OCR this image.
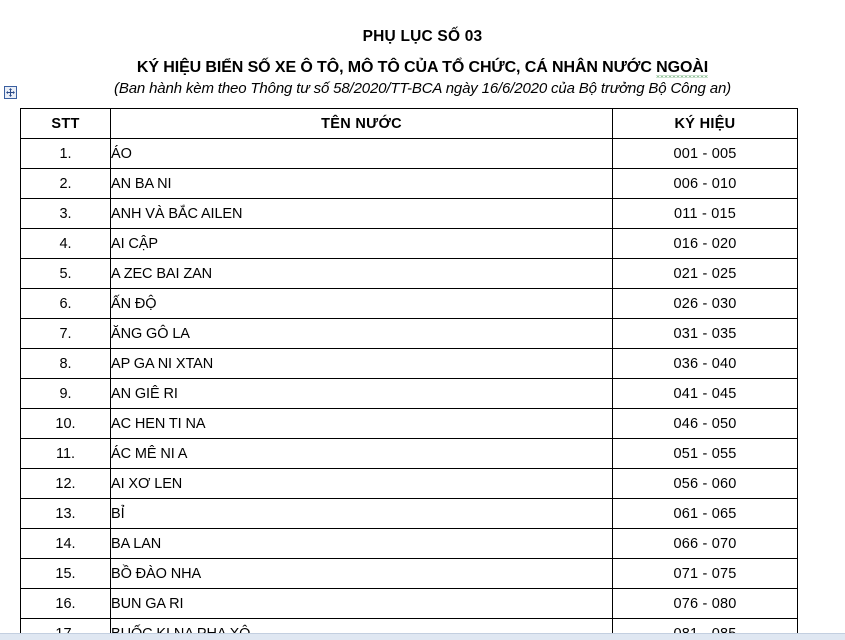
PHỤ LỤC SỐ 03
KÝ HIỆU BIỂN SỐ XE Ô TÔ, MÔ TÔ CỦA TỔ CHỨC, CÁ NHÂN NƯỚC NGOÀI
(Ban hành kèm theo Thông tư số 58/2020/TT-BCA ngày 16/6/2020 của Bộ trưởng Bộ Công an)
STT	TÊN NƯỚC	KÝ HIỆU
1.	ÁO	001 - 005
2.	AN BA NI	006 - 010
3.	ANH VÀ BẮC AILEN	011 - 015
4.	AI CẬP	016 - 020
5.	A ZEC BAI ZAN	021 - 025
6.	ẤN ĐỘ	026 - 030
7.	ĂNG GÔ LA	031 - 035
8.	AP GA NI XTAN	036 - 040
9.	AN GIÊ RI	041 - 045
10.	AC HEN TI NA	046 - 050
11.	ÁC MÊ NI A	051 - 055
12.	AI XƠ LEN	056 - 060
13.	BỈ	061 - 065
14.	BA LAN	066 - 070
15.	BỒ ĐÀO NHA	071 - 075
16.	BUN GA RI	076 - 080
